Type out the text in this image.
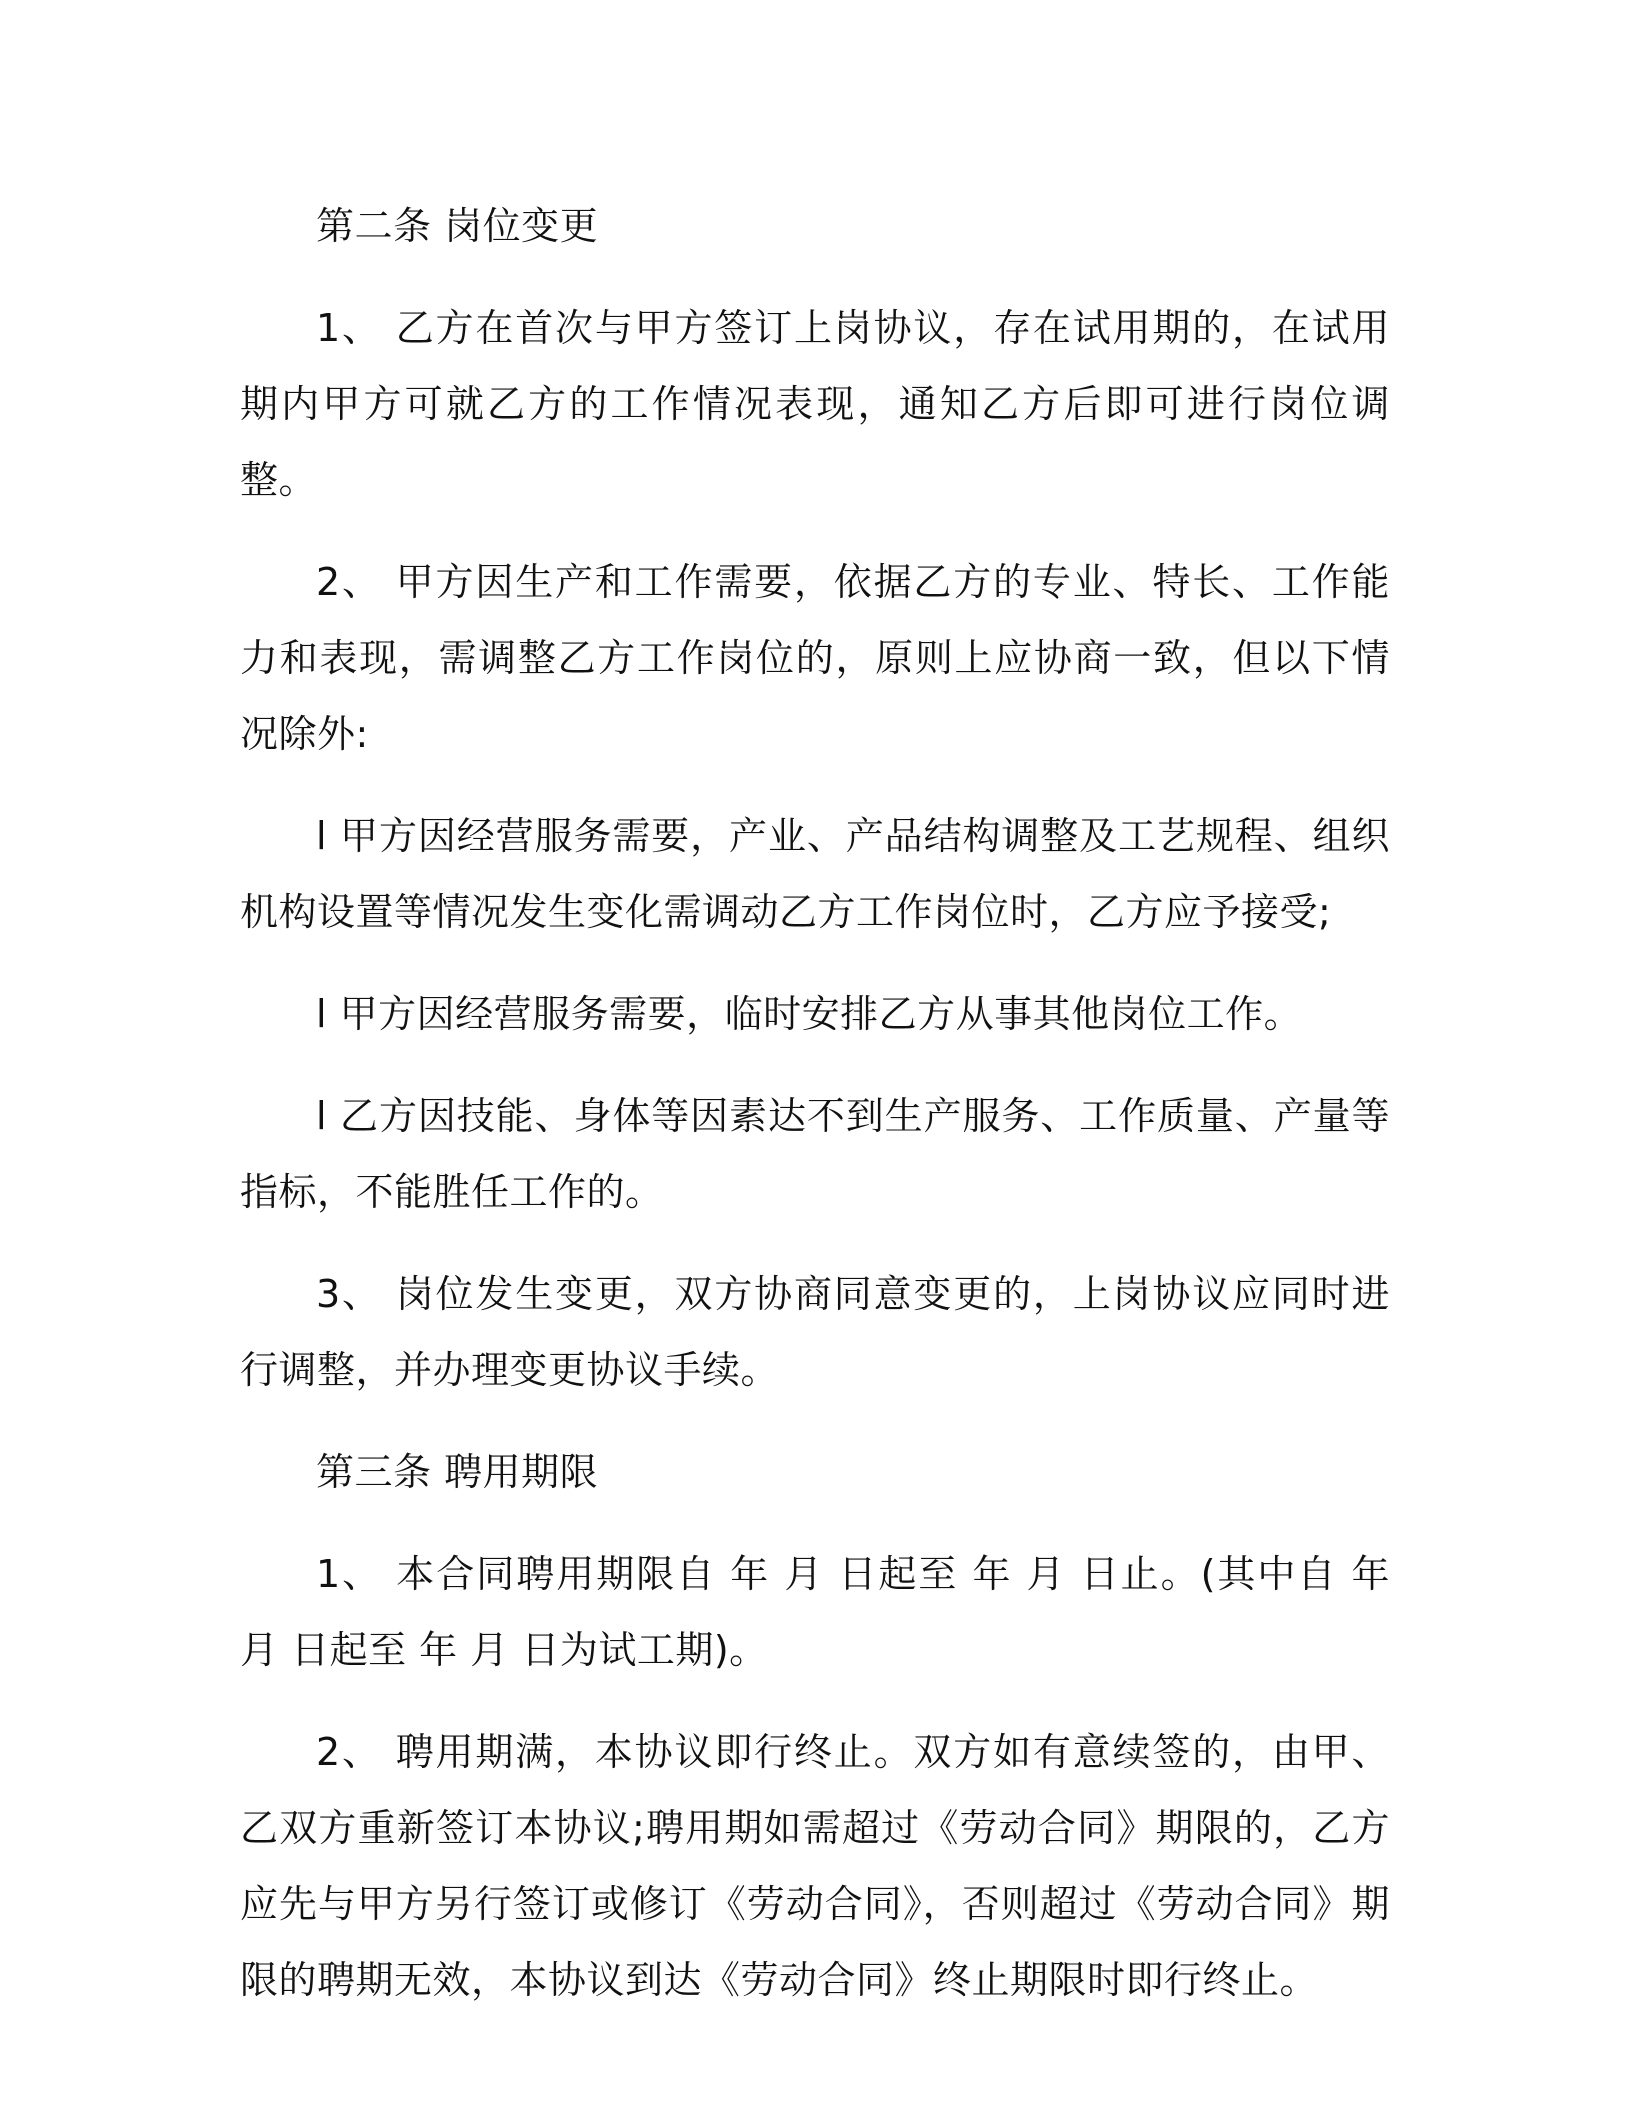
第二条 岗位变更

1、 乙方在首次与甲方签订上岗协议，存在试用期的，在试用期内甲方可就乙方的工作情况表现，通知乙方后即可进行岗位调整。

2、 甲方因生产和工作需要，依据乙方的专业、特长、工作能力和表现，需调整乙方工作岗位的，原则上应协商一致，但以下情况除外:

l 甲方因经营服务需要，产业、产品结构调整及工艺规程、组织机构设置等情况发生变化需调动乙方工作岗位时，乙方应予接受;

l 甲方因经营服务需要，临时安排乙方从事其他岗位工作。

l 乙方因技能、身体等因素达不到生产服务、工作质量、产量等指标，不能胜任工作的。

3、 岗位发生变更，双方协商同意变更的，上岗协议应同时进行调整，并办理变更协议手续。

第三条 聘用期限

1、 本合同聘用期限自 年 月 日起至 年 月 日止。(其中自 年 月 日起至 年 月 日为试工期)。

2、 聘用期满，本协议即行终止。双方如有意续签的，由甲、乙双方重新签订本协议;聘用期如需超过《劳动合同》期限的，乙方应先与甲方另行签订或修订《劳动合同》，否则超过《劳动合同》期限的聘期无效，本协议到达《劳动合同》终止期限时即行终止。
